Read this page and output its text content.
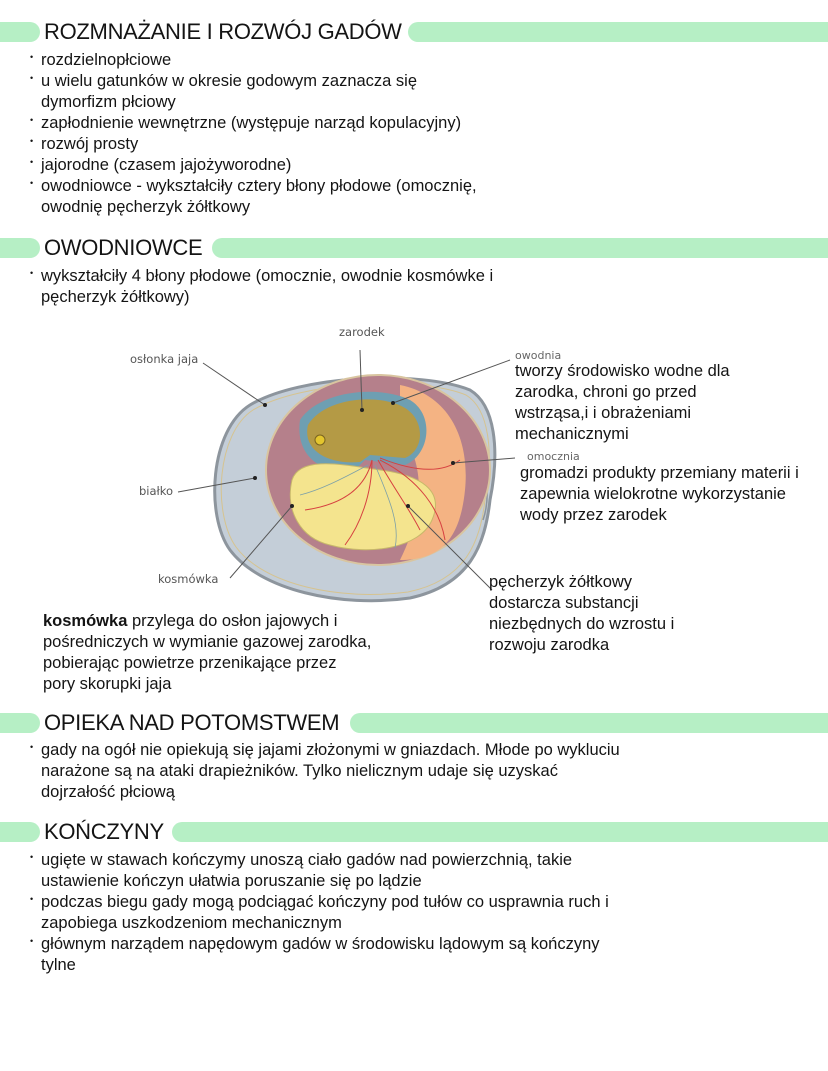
ROZMNAŻANIE I ROZWÓJ GADÓW
• rozdzielnopłciowe
• u wielu gatunków w okresie godowym zaznacza się dymorfizm płciowy
• zapłodnienie wewnętrzne (występuje narząd kopulacyjny)
• rozwój prosty
• jajorodne (czasem jajożyworodne)
• owodniowce - wykształciły cztery błony płodowe (omocznię, owodnię pęcherzyk żółtkowy
OWODNIOWCE
• wykształciły 4 błony płodowe (omocznie, owodnie kosmówke i pęcherzyk żółtkowy)
zarodek
osłonka jaja
białko
kosmówka
owodnia
tworzy środowisko wodne dla zarodka, chroni go przed wstrząsa,i i obrażeniami mechanicznymi
omocznia
gromadzi produkty przemiany materii i zapewnia wielokrotne wykorzystanie wody przez zarodek
pęcherzyk żółtkowy
dostarcza substancji niezbędnych do wzrostu i rozwoju zarodka
kosmówka przylega do osłon jajowych i pośredniczych w wymianie gazowej zarodka, pobierając powietrze przenikające przez pory skorupki jaja
OPIEKA NAD POTOMSTWEM
• gady na ogół nie opiekują się jajami złożonymi w gniazdach. Młode po wykluciu narażone są na ataki drapieżników. Tylko nielicznym udaje się uzyskać dojrzałość płciową
KOŃCZYNY
• ugięte w stawach kończymy unoszą ciało gadów nad powierzchnią, takie ustawienie kończyn ułatwia poruszanie się po lądzie
• podczas biegu gady mogą podciągać kończyny pod tułów co usprawnia ruch i zapobiega uszkodzeniom mechanicznym
• głównym narządem napędowym gadów w środowisku lądowym są kończyny tylne
